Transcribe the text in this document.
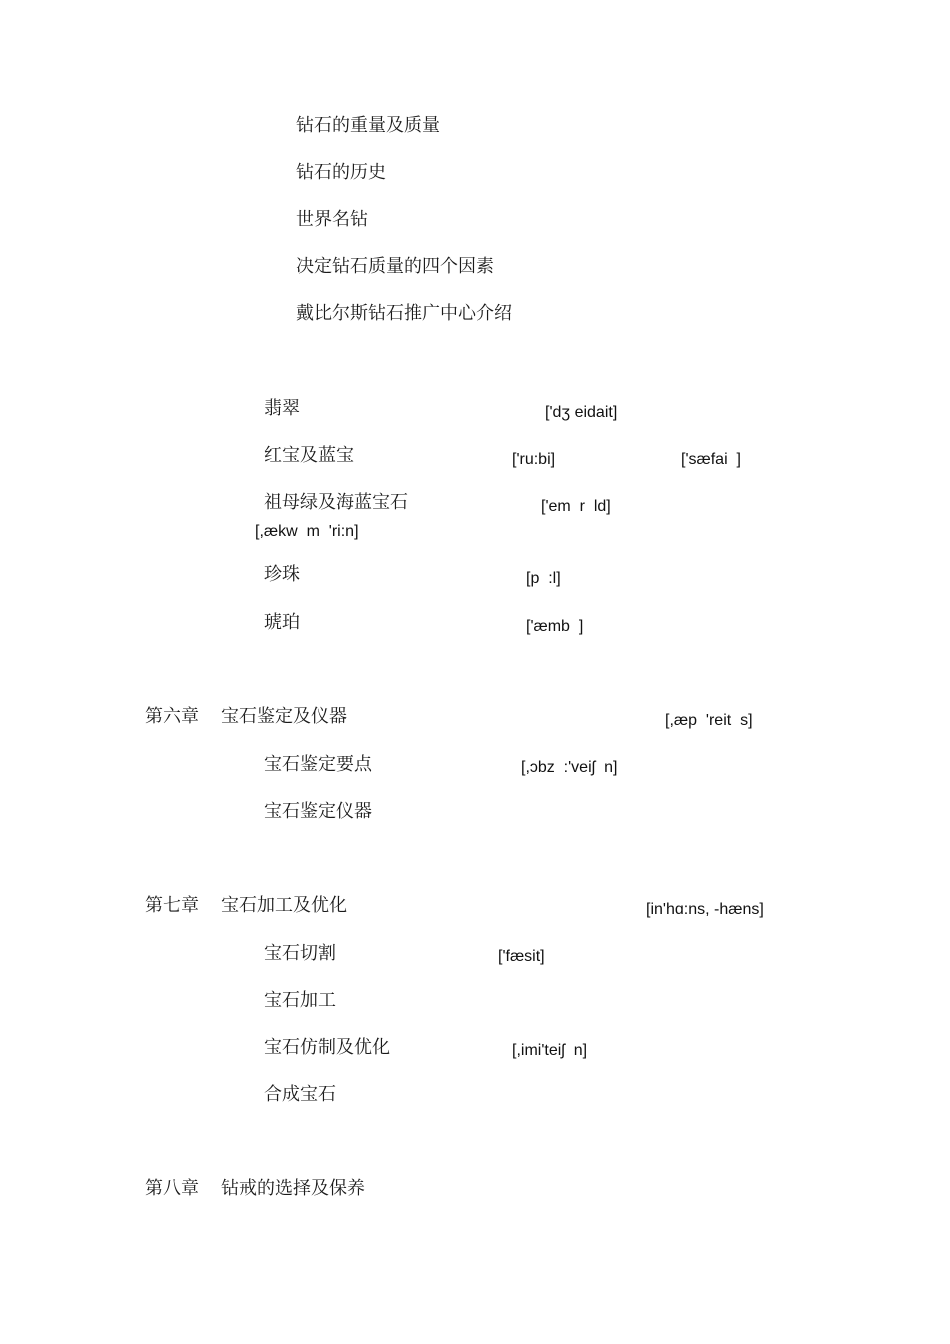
钻石的重量及质量
钻石的历史
世界名钻
决定钻石质量的四个因素
戴比尔斯钻石推广中心介绍
翡翠	['dʒ eidait]
红宝及蓝宝	['ru:bi]	['sæfai  ]
祖母绿及海蓝宝石	['em  r  ld]
[,ækw  m  'ri:n]
珍珠	[p  :l]
琥珀	['æmb  ]
第六章 宝石鉴定及仪器	[,æp  'reit  s]
宝石鉴定要点	[,ɔbz  :'veiʃ  n]
宝石鉴定仪器
第七章 宝石加工及优化	[in'hɑ:ns, -hæns]
宝石切割	['fæsit]
宝石加工
宝石仿制及优化	[,imi'teiʃ  n]
合成宝石
第八章 钻戒的选择及保养
